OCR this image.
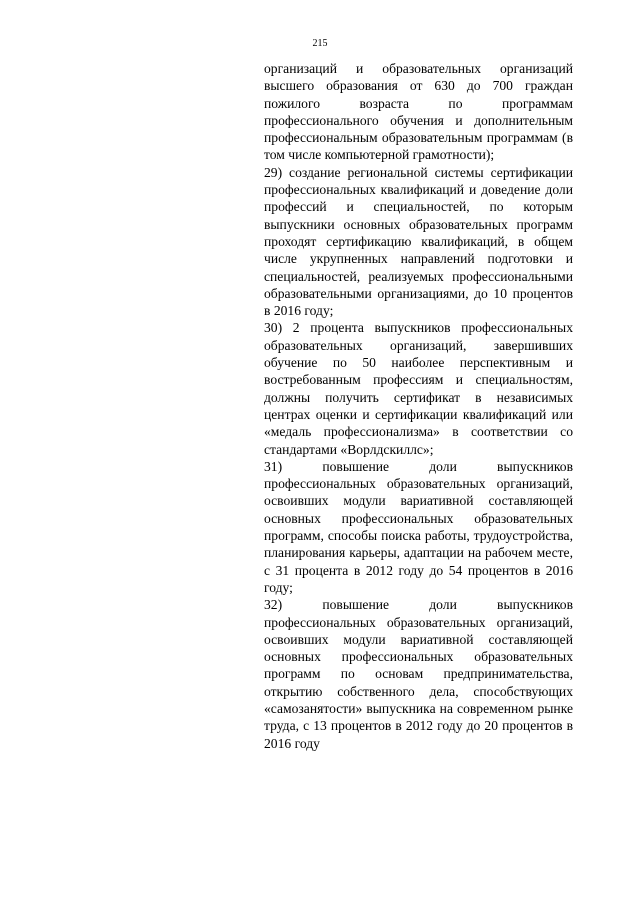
215

организаций и образовательных организаций высшего образования от 630 до 700 граждан пожилого возраста по программам профессионального обучения и дополнительным профессиональным образовательным программам (в том числе компьютерной грамотности);

29) создание региональной системы сертификации профессиональных квалификаций и доведение доли профессий и специальностей, по которым выпускники основных образовательных программ проходят сертификацию квалификаций, в общем числе укрупненных направлений подготовки и специальностей, реализуемых профессиональными образовательными организациями, до 10 процентов в 2016 году;

30) 2 процента выпускников профессиональных образовательных организаций, завершивших обучение по 50 наиболее перспективным и востребованным профессиям и специальностям, должны получить сертификат в независимых центрах оценки и сертификации квалификаций или «медаль профессионализма» в соответствии со стандартами «Ворлдскиллс»;

31) повышение доли выпускников профессиональных образовательных организаций, освоивших модули вариативной составляющей основных профессиональных образовательных программ, способы поиска работы, трудоустройства, планирования карьеры, адаптации на рабочем месте, с 31 процента в 2012 году до 54 процентов в 2016 году;

32) повышение доли выпускников профессиональных образовательных организаций, освоивших модули вариативной составляющей основных профессиональных образовательных программ по основам предпринимательства, открытию собственного дела, способствующих «самозанятости» выпускника на современном рынке труда, с 13 процентов в 2012 году до 20 процентов в 2016 году
